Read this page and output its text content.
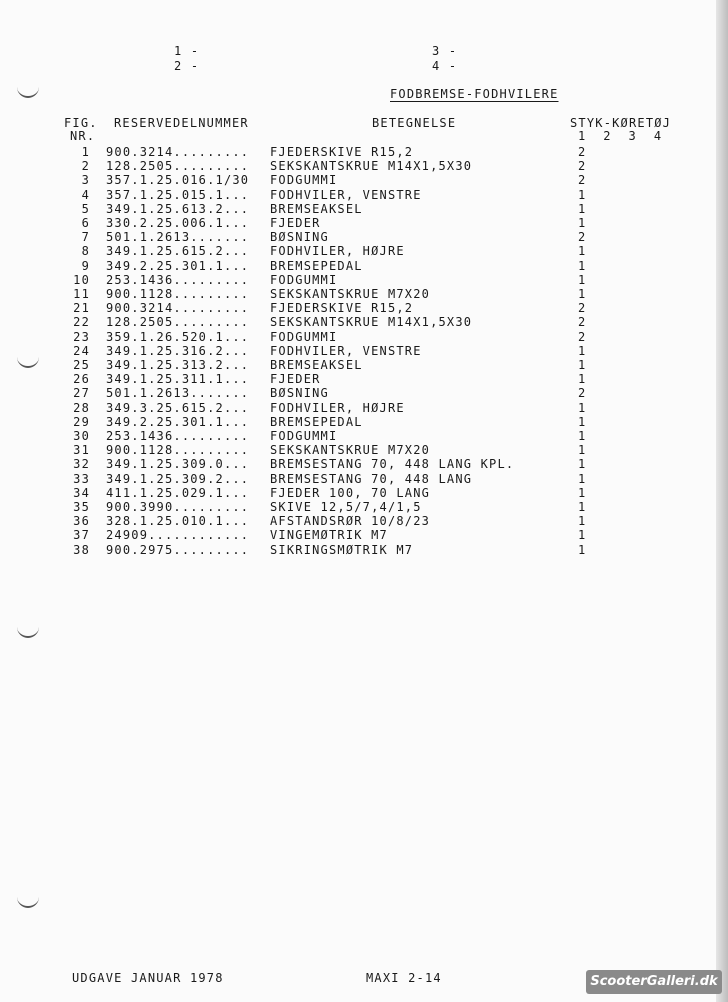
1 -
2 -
3 -
4 -
FODBREMSE-FODHVILERE
FIG.
NR.
RESERVEDELNUMMER	BETEGNELSE	STYK-KØRETØJ
1  2  3  4
1 900.3214......... FJEDERSKIVE R15,2	2
2 128.2505......... SEKSKANTSKRUE M14X1,5X30	2
3 357.1.25.016.1/30 FODGUMMI	2
4 357.1.25.015.1... FODHVILER, VENSTRE	1
5 349.1.25.613.2... BREMSEAKSEL	1
6 330.2.25.006.1... FJEDER	1
7 501.1.2613....... BØSNING	2
8 349.1.25.615.2... FODHVILER, HØJRE	1
9 349.2.25.301.1... BREMSEPEDAL	1
10 253.1436......... FODGUMMI	1
11 900.1128......... SEKSKANTSKRUE M7X20	1
21 900.3214......... FJEDERSKIVE R15,2	2
22 128.2505......... SEKSKANTSKRUE M14X1,5X30	2
23 359.1.26.520.1... FODGUMMI	2
24 349.1.25.316.2... FODHVILER, VENSTRE	1
25 349.1.25.313.2... BREMSEAKSEL	1
26 349.1.25.311.1... FJEDER	1
27 501.1.2613....... BØSNING	2
28 349.3.25.615.2... FODHVILER, HØJRE	1
29 349.2.25.301.1... BREMSEPEDAL	1
30 253.1436......... FODGUMMI	1
31 900.1128......... SEKSKANTSKRUE M7X20	1
32 349.1.25.309.0... BREMSESTANG 70, 448 LANG KPL.	1
33 349.1.25.309.2... BREMSESTANG 70, 448 LANG	1
34 411.1.25.029.1... FJEDER 100, 70 LANG	1
35 900.3990......... SKIVE 12,5/7,4/1,5	1
36 328.1.25.010.1... AFSTANDSRØR 10/8/23	1
37 24909............ VINGEMØTRIK M7	1
38 900.2975......... SIKRINGSMØTRIK M7	1
UDGAVE JANUAR 1978	MAXI 2-14	ScooterGalleri.dk
